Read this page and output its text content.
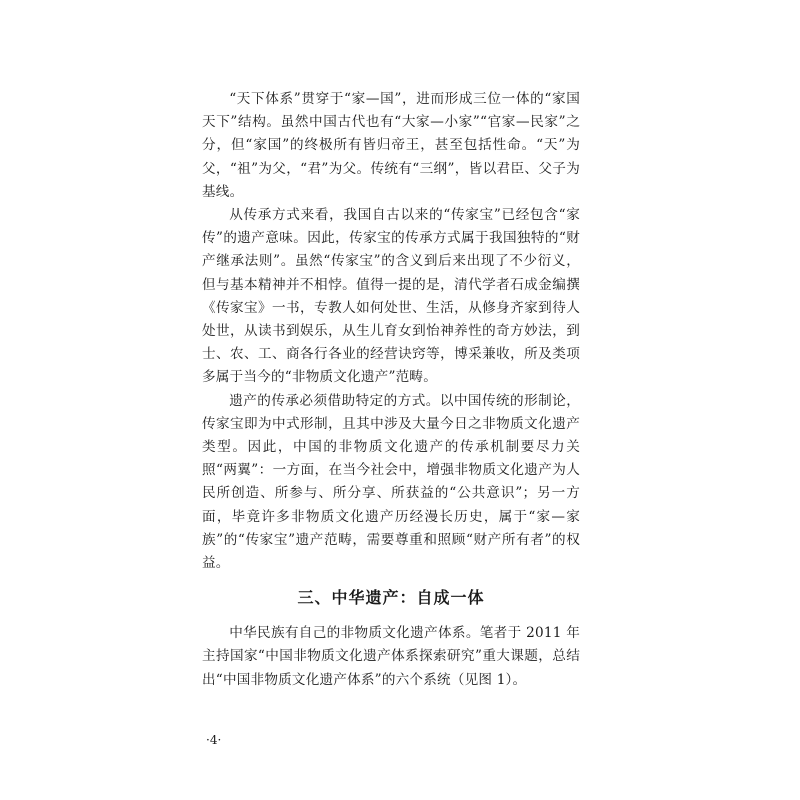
“天下体系”贯穿于“家—国”，进而形成三位一体的“家国天下”结构。虽然中国古代也有“大家—小家”“官家—民家”之分，但“家国”的终极所有皆归帝王，甚至包括性命。“天”为父，“祖”为父，“君”为父。传统有“三纲”，皆以君臣、父子为基线。

从传承方式来看，我国自古以来的“传家宝”已经包含“家传”的遗产意味。因此，传家宝的传承方式属于我国独特的“财产继承法则”。虽然“传家宝”的含义到后来出现了不少衍义，但与基本精神并不相悖。值得一提的是，清代学者石成金编撰《传家宝》一书，专教人如何处世、生活，从修身齐家到待人处世，从读书到娱乐，从生儿育女到怡神养性的奇方妙法，到士、农、工、商各行各业的经营诀窍等，博采兼收，所及类项多属于当今的“非物质文化遗产”范畴。

遗产的传承必须借助特定的方式。以中国传统的形制论，传家宝即为中式形制，且其中涉及大量今日之非物质文化遗产类型。因此，中国的非物质文化遗产的传承机制要尽力关照“两翼”：一方面，在当今社会中，增强非物质文化遗产为人民所创造、所参与、所分享、所获益的“公共意识”；另一方面，毕竟许多非物质文化遗产历经漫长历史，属于“家—家族”的“传家宝”遗产范畴，需要尊重和照顾“财产所有者”的权益。

三、中华遗产：自成一体

中华民族有自己的非物质文化遗产体系。笔者于 2011 年主持国家“中国非物质文化遗产体系探索研究”重大课题，总结出“中国非物质文化遗产体系”的六个系统（见图 1）。

·4·
